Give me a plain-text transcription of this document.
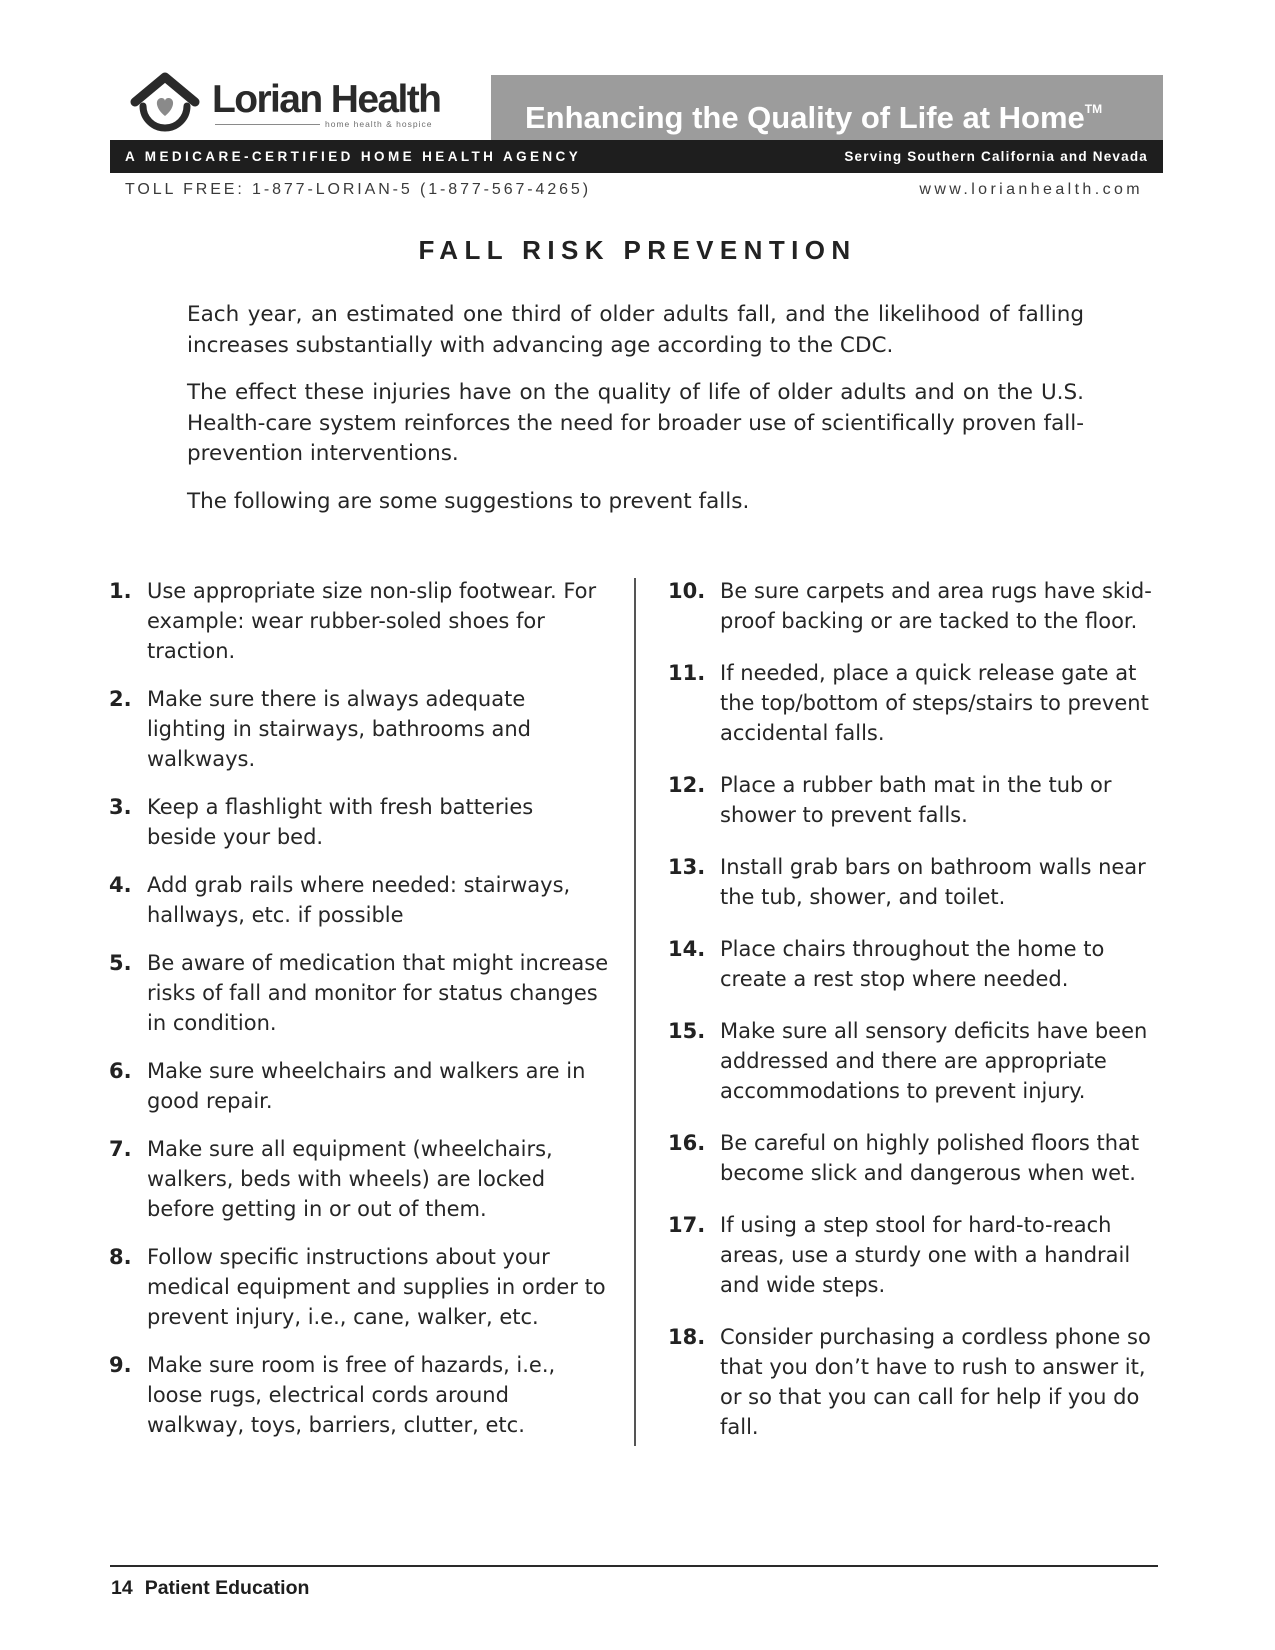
Lorian Health
home health & hospice	Enhancing the Quality of Life at Home™
A MEDICARE-CERTIFIED HOME HEALTH AGENCY	Serving Southern California and Nevada
TOLL FREE: 1-877-LORIAN-5 (1-877-567-4265)	www.lorianhealth.com
FALL RISK PREVENTION

Each year, an estimated one third of older adults fall, and the likelihood of falling increases substantially with advancing age according to the CDC.

The effect these injuries have on the quality of life of older adults and on the U.S. Health-care system reinforces the need for broader use of scientifically proven fall-prevention interventions.

The following are some suggestions to prevent falls.

1. Use appropriate size non-slip footwear. For example: wear rubber-soled shoes for traction.
2. Make sure there is always adequate lighting in stairways, bathrooms and walkways.
3. Keep a flashlight with fresh batteries beside your bed.
4. Add grab rails where needed: stairways, hallways, etc. if possible
5. Be aware of medication that might increase risks of fall and monitor for status changes in condition.
6. Make sure wheelchairs and walkers are in good repair.
7. Make sure all equipment (wheelchairs, walkers, beds with wheels) are locked before getting in or out of them.
8. Follow specific instructions about your medical equipment and supplies in order to prevent injury, i.e., cane, walker, etc.
9. Make sure room is free of hazards, i.e., loose rugs, electrical cords around walkway, toys, barriers, clutter, etc.
10. Be sure carpets and area rugs have skid-proof backing or are tacked to the floor.
11. If needed, place a quick release gate at the top/bottom of steps/stairs to prevent accidental falls.
12. Place a rubber bath mat in the tub or shower to prevent falls.
13. Install grab bars on bathroom walls near the tub, shower, and toilet.
14. Place chairs throughout the home to create a rest stop where needed.
15. Make sure all sensory deficits have been addressed and there are appropriate accommodations to prevent injury.
16. Be careful on highly polished floors that become slick and dangerous when wet.
17. If using a step stool for hard-to-reach areas, use a sturdy one with a handrail and wide steps.
18. Consider purchasing a cordless phone so that you don’t have to rush to answer it, or so that you can call for help if you do fall.
14 Patient Education
